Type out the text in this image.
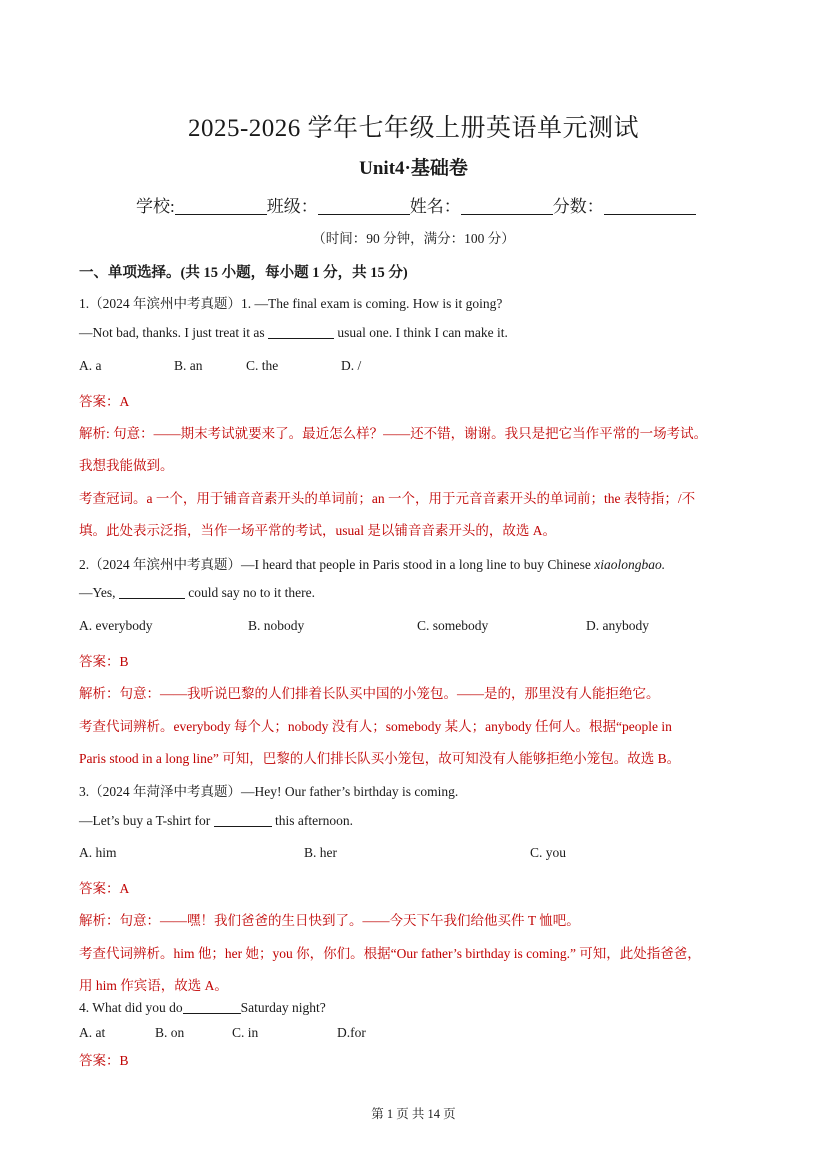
2025-2026 学年七年级上册英语单元测试
Unit4·基础卷
学校:	班级：	姓名：	分数：
（时间：90 分钟，满分：100 分）
一、单项选择。(共 15 小题，每小题 1 分，共 15 分)
1.（2024 年滨州中考真题）1. —The final exam is coming. How is it going?
—Not bad, thanks. I just treat it as	usual one. I think I can make it.
A. a	B. an	C. the	D. /
答案：A
解析: 句意：——期末考试就要来了。最近怎么样？——还不错，谢谢。我只是把它当作平常的一场考试。
我想我能做到。
考查冠词。a 一个，用于铺音音素开头的单词前；an 一个，用于元音音素开头的单词前；the 表特指；/不
填。此处表示泛指，当作一场平常的考试，usual 是以铺音音素开头的，故选 A。
2.（2024 年滨州中考真题）—I heard that people in Paris stood in a long line to buy Chinese xiaolongbao.
—Yes,	could say no to it there.
A. everybody	B. nobody	C. somebody	D. anybody
答案：B
解析：句意：——我听说巴黎的人们排着长队买中国的小笼包。——是的，那里没有人能拒绝它。
考查代词辨析。everybody 每个人；nobody 没有人；somebody 某人；anybody 任何人。根据“people in
Paris stood in a long line” 可知，巴黎的人们排长队买小笼包，故可知没有人能够拒绝小笼包。故选 B。
3.（2024 年菏泽中考真题）—Hey! Our father’s birthday is coming.
—Let’s buy a T-shirt for	this afternoon.
A. him	B. her	C. you
答案：A
解析：句意：——嘿！我们爸爸的生日快到了。——今天下午我们给他买件 T 恤吧。
考查代词辨析。him 他；her 她；you 你，你们。根据“Our father’s birthday is coming.” 可知，此处指爸爸，
用 him 作宾语，故选 A。
4. What did you do	Saturday night?
A. at	B. on	C. in	D.for
答案：B
第 1 页 共 14 页
